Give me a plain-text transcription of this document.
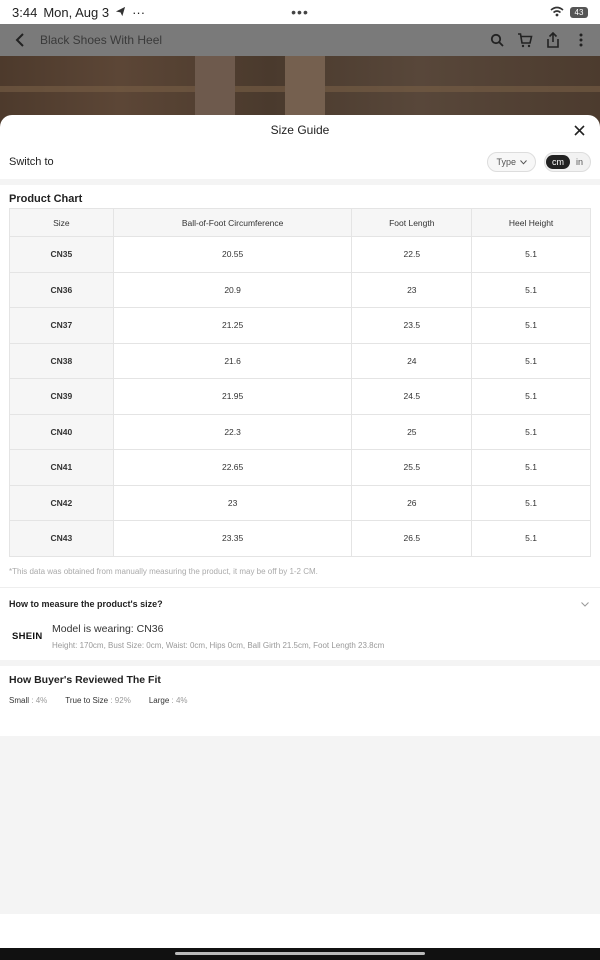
3:44 Mon, Aug 3 ···	•••	43
Black Shoes With Heel
Size Guide
Switch to	Type	cm	in
Product Chart
Size	Ball-of-Foot Circumference	Foot Length	Heel Height
CN35	20.55	22.5	5.1
CN36	20.9	23	5.1
CN37	21.25	23.5	5.1
CN38	21.6	24	5.1
CN39	21.95	24.5	5.1
CN40	22.3	25	5.1
CN41	22.65	25.5	5.1
CN42	23	26	5.1
CN43	23.35	26.5	5.1
*This data was obtained from manually measuring the product, it may be off by 1-2 CM.
How to measure the product's size?
SHEIN
Model is wearing: CN36
Height: 170cm, Bust Size: 0cm, Waist: 0cm, Hips 0cm, Ball Girth 21.5cm, Foot Length 23.8cm
How Buyer's Reviewed The Fit
Small : 4% True to Size : 92% Large : 4%
